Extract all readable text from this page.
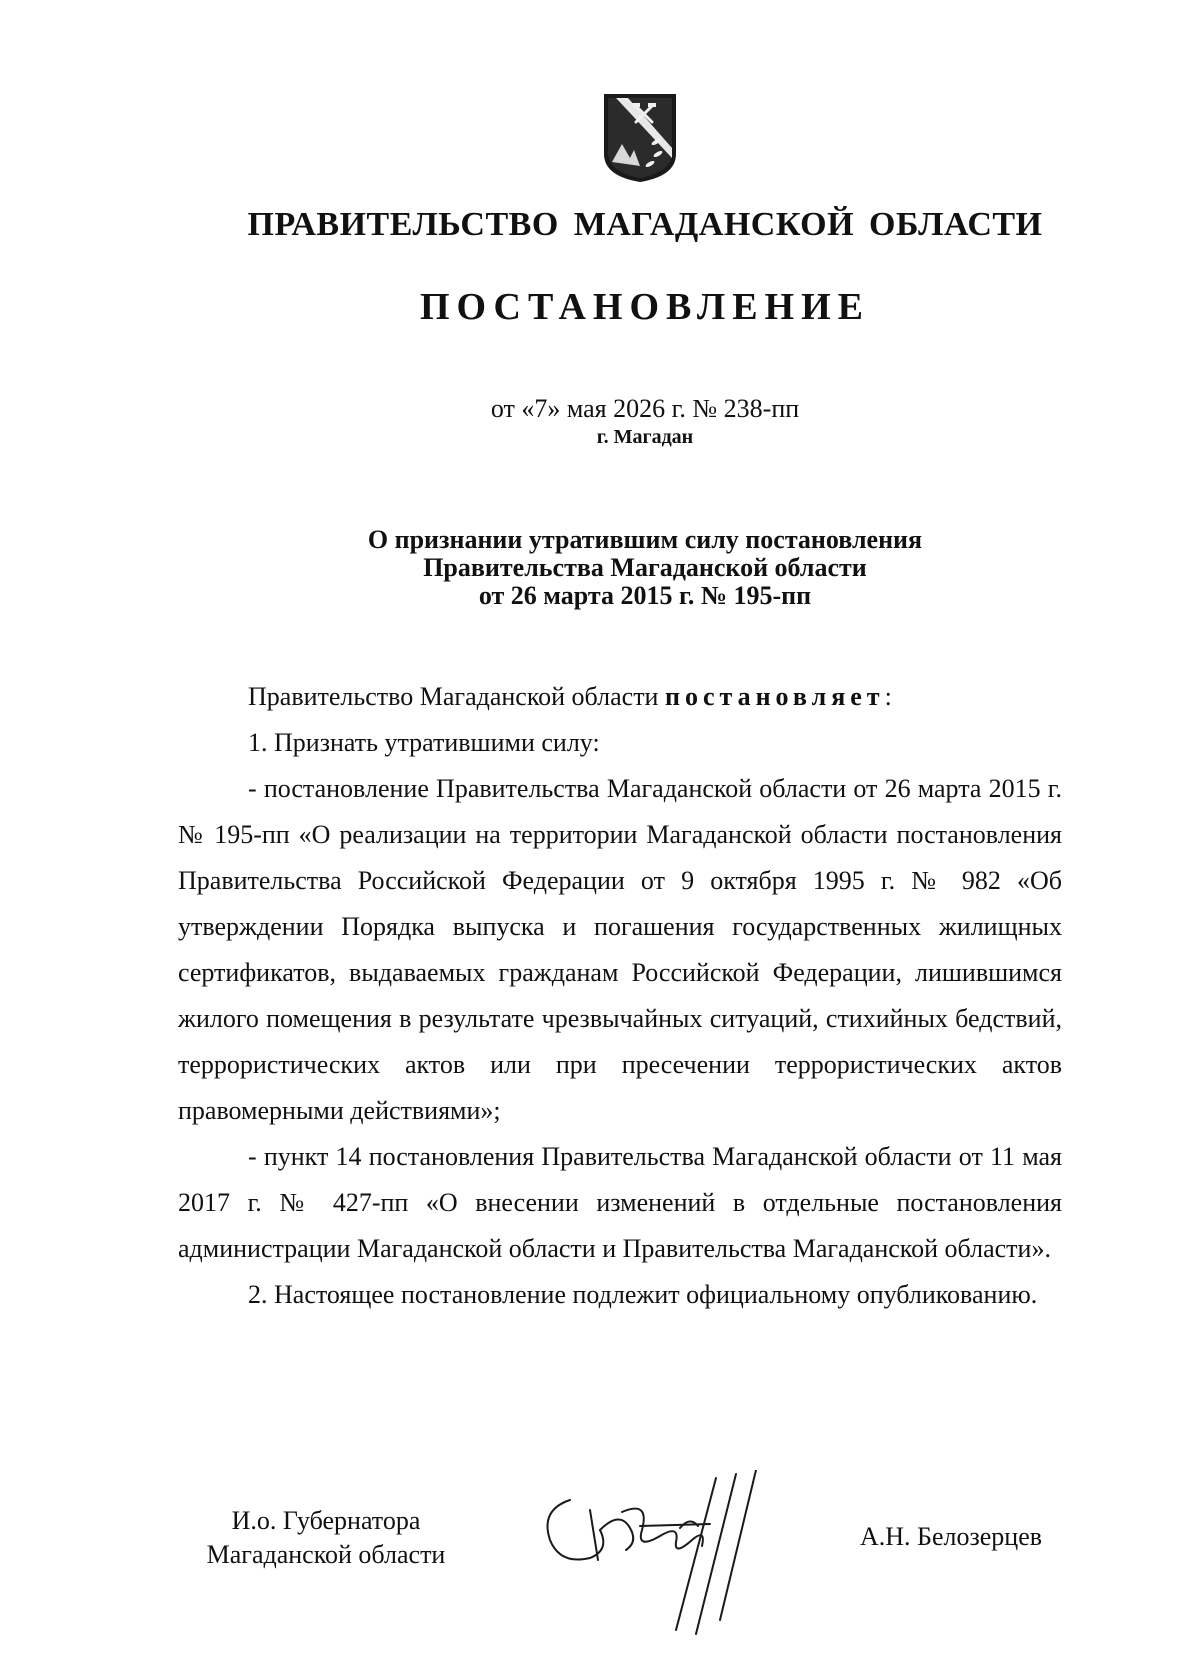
ПРАВИТЕЛЬСТВО МАГАДАНСКОЙ ОБЛАСТИ
ПОСТАНОВЛЕНИЕ
от «7» мая 2026 г. № 238-пп
г. Магадан
О признании утратившим силу постановления
Правительства Магаданской области
от 26 марта 2015 г. № 195-пп

Правительство Магаданской области постановляет:

1. Признать утратившими силу:

- постановление Правительства Магаданской области от 26 марта 2015 г. № 195-пп «О реализации на территории Магаданской области постановления Правительства Российской Федерации от 9 октября 1995 г. № 982 «Об утверждении Порядка выпуска и погашения государственных жилищных сертификатов, выдаваемых гражданам Российской Федерации, лишившимся жилого помещения в результате чрезвычайных ситуаций, стихийных бедствий, террористических актов или при пресечении террористических актов правомерными действиями»;

- пункт 14 постановления Правительства Магаданской области от 11 мая 2017 г. № 427-пп «О внесении изменений в отдельные постановления администрации Магаданской области и Правительства Магаданской области».

2. Настоящее постановление подлежит официальному опубликованию.

И.о. Губернатора
Магаданской области
А.Н. Белозерцев
